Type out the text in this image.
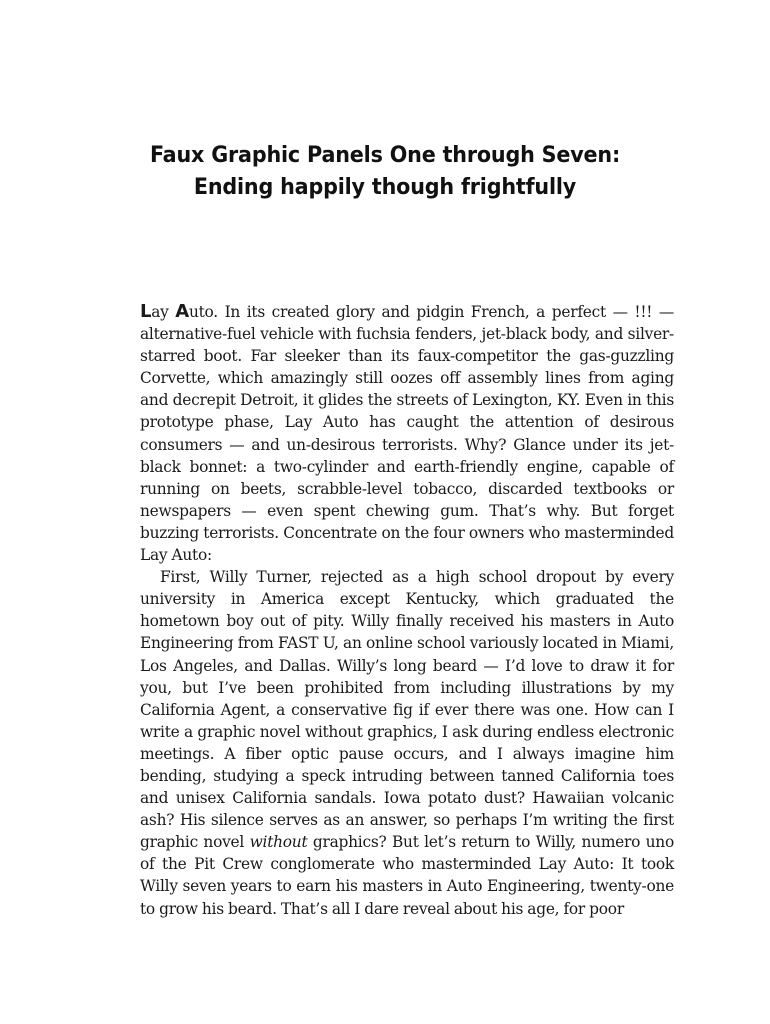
Faux Graphic Panels One through Seven:
Ending happily though frightfully

Lay Auto. In its created glory and pidgin French, a perfect — !!! — alternative-fuel vehicle with fuchsia fenders, jet-black body, and silver-starred boot. Far sleeker than its faux-competitor the gas-guzzling Corvette, which amazingly still oozes off assembly lines from aging and decrepit Detroit, it glides the streets of Lexington, KY. Even in this prototype phase, Lay Auto has caught the attention of desirous consumers — and un-desirous terrorists. Why? Glance under its jet-black bonnet: a two-cylinder and earth-friendly engine, capable of running on beets, scrabble-level tobacco, discarded textbooks or newspapers — even spent chewing gum. That’s why. But forget buzzing terrorists. Concentrate on the four owners who masterminded Lay Auto:

First, Willy Turner, rejected as a high school dropout by every university in America except Kentucky, which graduated the hometown boy out of pity. Willy finally received his masters in Auto Engineering from FAST U, an online school variously located in Miami, Los Angeles, and Dallas. Willy’s long beard — I’d love to draw it for you, but I’ve been prohibited from including illustrations by my California Agent, a conservative fig if ever there was one. How can I write a graphic novel without graphics, I ask during endless electronic meetings. A fiber optic pause occurs, and I always imagine him bending, studying a speck intruding between tanned California toes and unisex California sandals. Iowa potato dust? Hawaiian volcanic ash? His silence serves as an answer, so perhaps I’m writing the first graphic novel without graphics? But let’s return to Willy, numero uno of the Pit Crew conglomerate who masterminded Lay Auto: It took Willy seven years to earn his masters in Auto Engineering, twenty-one to grow his beard. That’s all I dare reveal about his age, for poor
